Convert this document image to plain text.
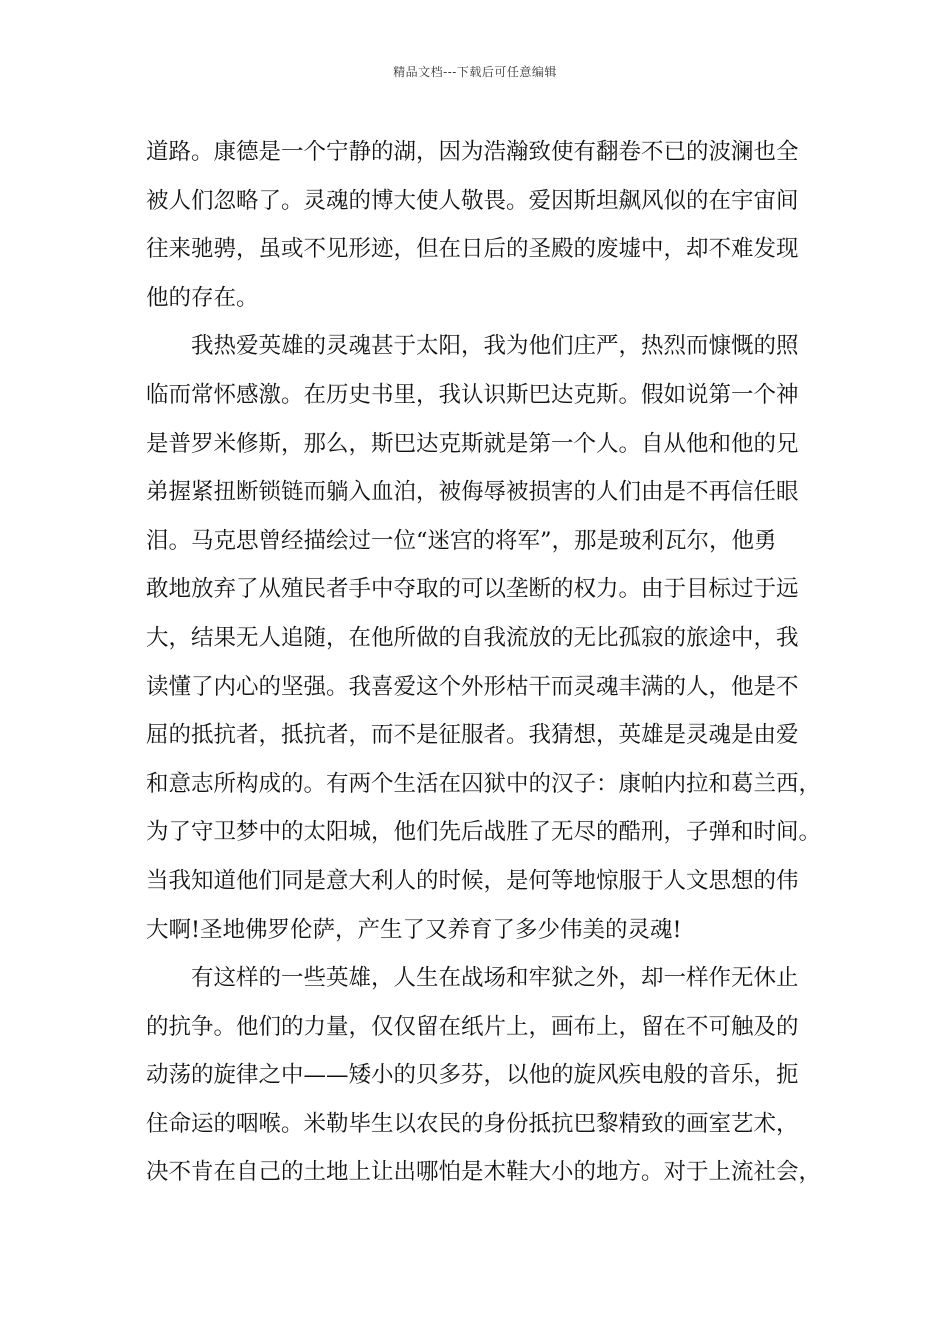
精品文档---下载后可任意编辑
道路。康德是一个宁静的湖，因为浩瀚致使有翻卷不已的波澜也全
被人们忽略了。灵魂的博大使人敬畏。爱因斯坦飙风似的在宇宙间
往来驰骋，虽或不见形迹，但在日后的圣殿的废墟中，却不难发现
他的存在。
我热爱英雄的灵魂甚于太阳，我为他们庄严，热烈而慷慨的照
临而常怀感激。在历史书里，我认识斯巴达克斯。假如说第一个神
是普罗米修斯，那么，斯巴达克斯就是第一个人。自从他和他的兄
弟握紧扭断锁链而躺入血泊，被侮辱被损害的人们由是不再信任眼
泪。马克思曾经描绘过一位“迷宫的将军”，那是玻利瓦尔，他勇
敢地放弃了从殖民者手中夺取的可以垄断的权力。由于目标过于远
大，结果无人追随，在他所做的自我流放的无比孤寂的旅途中，我
读懂了内心的坚强。我喜爱这个外形枯干而灵魂丰满的人，他是不
屈的抵抗者，抵抗者，而不是征服者。我猜想，英雄是灵魂是由爱
和意志所构成的。有两个生活在囚狱中的汉子：康帕内拉和葛兰西，
为了守卫梦中的太阳城，他们先后战胜了无尽的酷刑，子弹和时间。
当我知道他们同是意大利人的时候，是何等地惊服于人文思想的伟
大啊!圣地佛罗伦萨，产生了又养育了多少伟美的灵魂!
有这样的一些英雄，人生在战场和牢狱之外，却一样作无休止
的抗争。他们的力量，仅仅留在纸片上，画布上，留在不可触及的
动荡的旋律之中——矮小的贝多芬，以他的旋风疾电般的音乐，扼
住命运的咽喉。米勒毕生以农民的身份抵抗巴黎精致的画室艺术，
决不肯在自己的土地上让出哪怕是木鞋大小的地方。对于上流社会，
